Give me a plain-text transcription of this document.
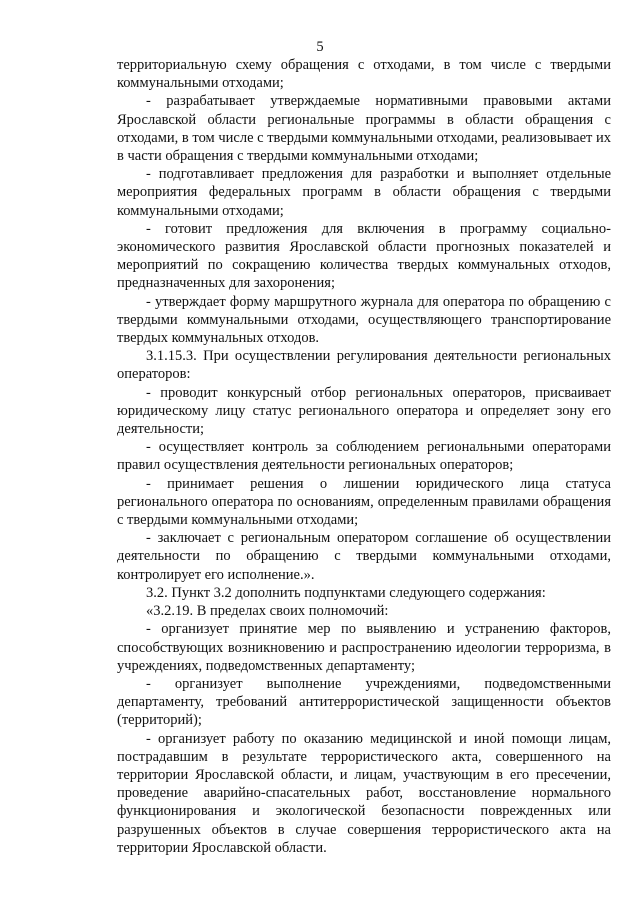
5

территориальную схему обращения с отходами, в том числе с твердыми коммунальными отходами;

- разрабатывает утверждаемые нормативными правовыми актами Ярославской области региональные программы в области обращения с отходами, в том числе с твердыми коммунальными отходами, реализовывает их в части обращения с твердыми коммунальными отходами;

- подготавливает предложения для разработки и выполняет отдельные мероприятия федеральных программ в области обращения с твердыми коммунальными отходами;

- готовит предложения для включения в программу социально-экономического развития Ярославской области прогнозных показателей и мероприятий по сокращению количества твердых коммунальных отходов, предназначенных для захоронения;

- утверждает форму маршрутного журнала для оператора по обращению с твердыми коммунальными отходами, осуществляющего транспортирование твердых коммунальных отходов.

3.1.15.3. При осуществлении регулирования деятельности региональных операторов:

- проводит конкурсный отбор региональных операторов, присваивает юридическому лицу статус регионального оператора и определяет зону его деятельности;

- осуществляет контроль за соблюдением региональными операторами правил осуществления деятельности региональных операторов;

- принимает решения о лишении юридического лица статуса регионального оператора по основаниям, определенным правилами обращения с твердыми коммунальными отходами;

- заключает с региональным оператором соглашение об осуществлении деятельности по обращению с твердыми коммунальными отходами, контролирует его исполнение.».

3.2. Пункт 3.2 дополнить подпунктами следующего содержания:

«3.2.19. В пределах своих полномочий:

- организует принятие мер по выявлению и устранению факторов, способствующих возникновению и распространению идеологии терроризма, в учреждениях, подведомственных департаменту;

- организует выполнение учреждениями, подведомственными департаменту, требований антитеррористической защищенности объектов (территорий);

- организует работу по оказанию медицинской и иной помощи лицам, пострадавшим в результате террористического акта, совершенного на территории Ярославской области, и лицам, участвующим в его пресечении, проведение аварийно-спасательных работ, восстановление нормального функционирования и экологической безопасности поврежденных или разрушенных объектов в случае совершения террористического акта на территории Ярославской области.
